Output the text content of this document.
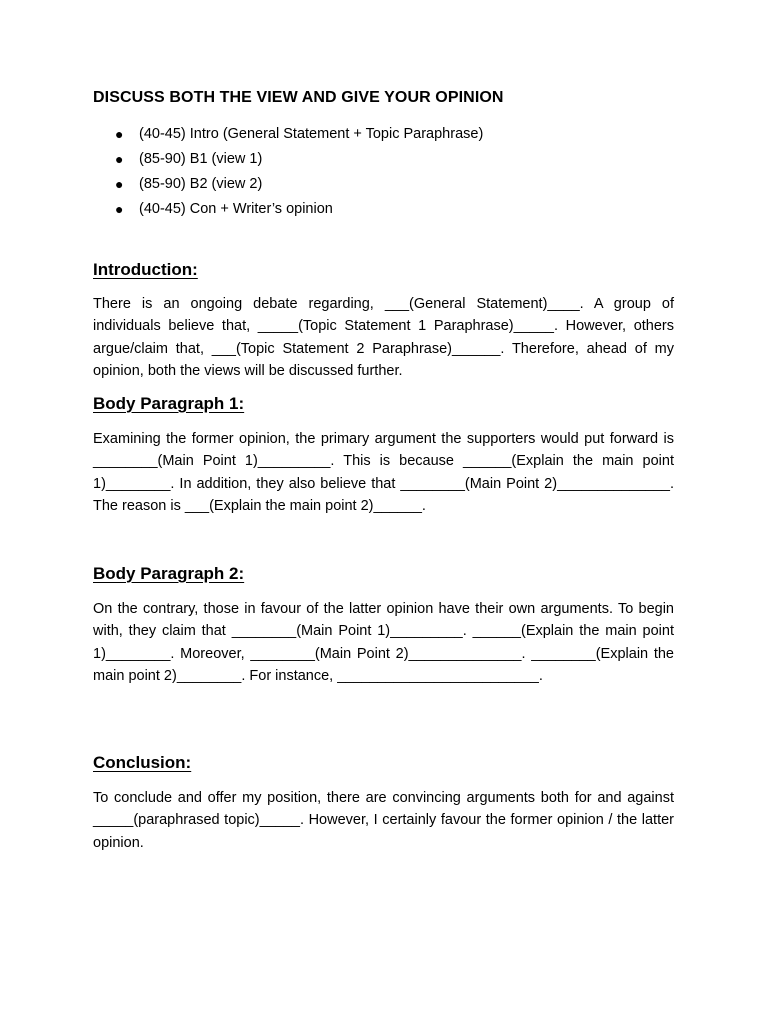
DISCUSS BOTH THE VIEW AND GIVE YOUR OPINION
● (40-45) Intro (General Statement + Topic Paraphrase)
● (85-90) B1 (view 1)
● (85-90) B2 (view 2)
● (40-45) Con + Writer’s opinion
Introduction:

There is an ongoing debate regarding, ___(General Statement)____. A group of individuals believe that, _____(Topic Statement 1 Paraphrase)_____. However, others argue/claim that, ___(Topic Statement 2 Paraphrase)______. Therefore, ahead of my opinion, both the views will be discussed further.

Body Paragraph 1:

Examining the former opinion, the primary argument the supporters would put forward is ________(Main Point 1)_________. This is because ______(Explain the main point 1)________. In addition, they also believe that ________(Main Point 2)______________. The reason is ___(Explain the main point 2)______.

Body Paragraph 2:

On the contrary, those in favour of the latter opinion have their own arguments. To begin with, they claim that ________(Main Point 1)_________. ______(Explain the main point 1)________. Moreover, ________(Main Point 2)______________. ________(Explain the main point 2)________. For instance, _________________________.

Conclusion:

To conclude and offer my position, there are convincing arguments both for and against _____(paraphrased topic)_____. However, I certainly favour the former opinion / the latter opinion.
